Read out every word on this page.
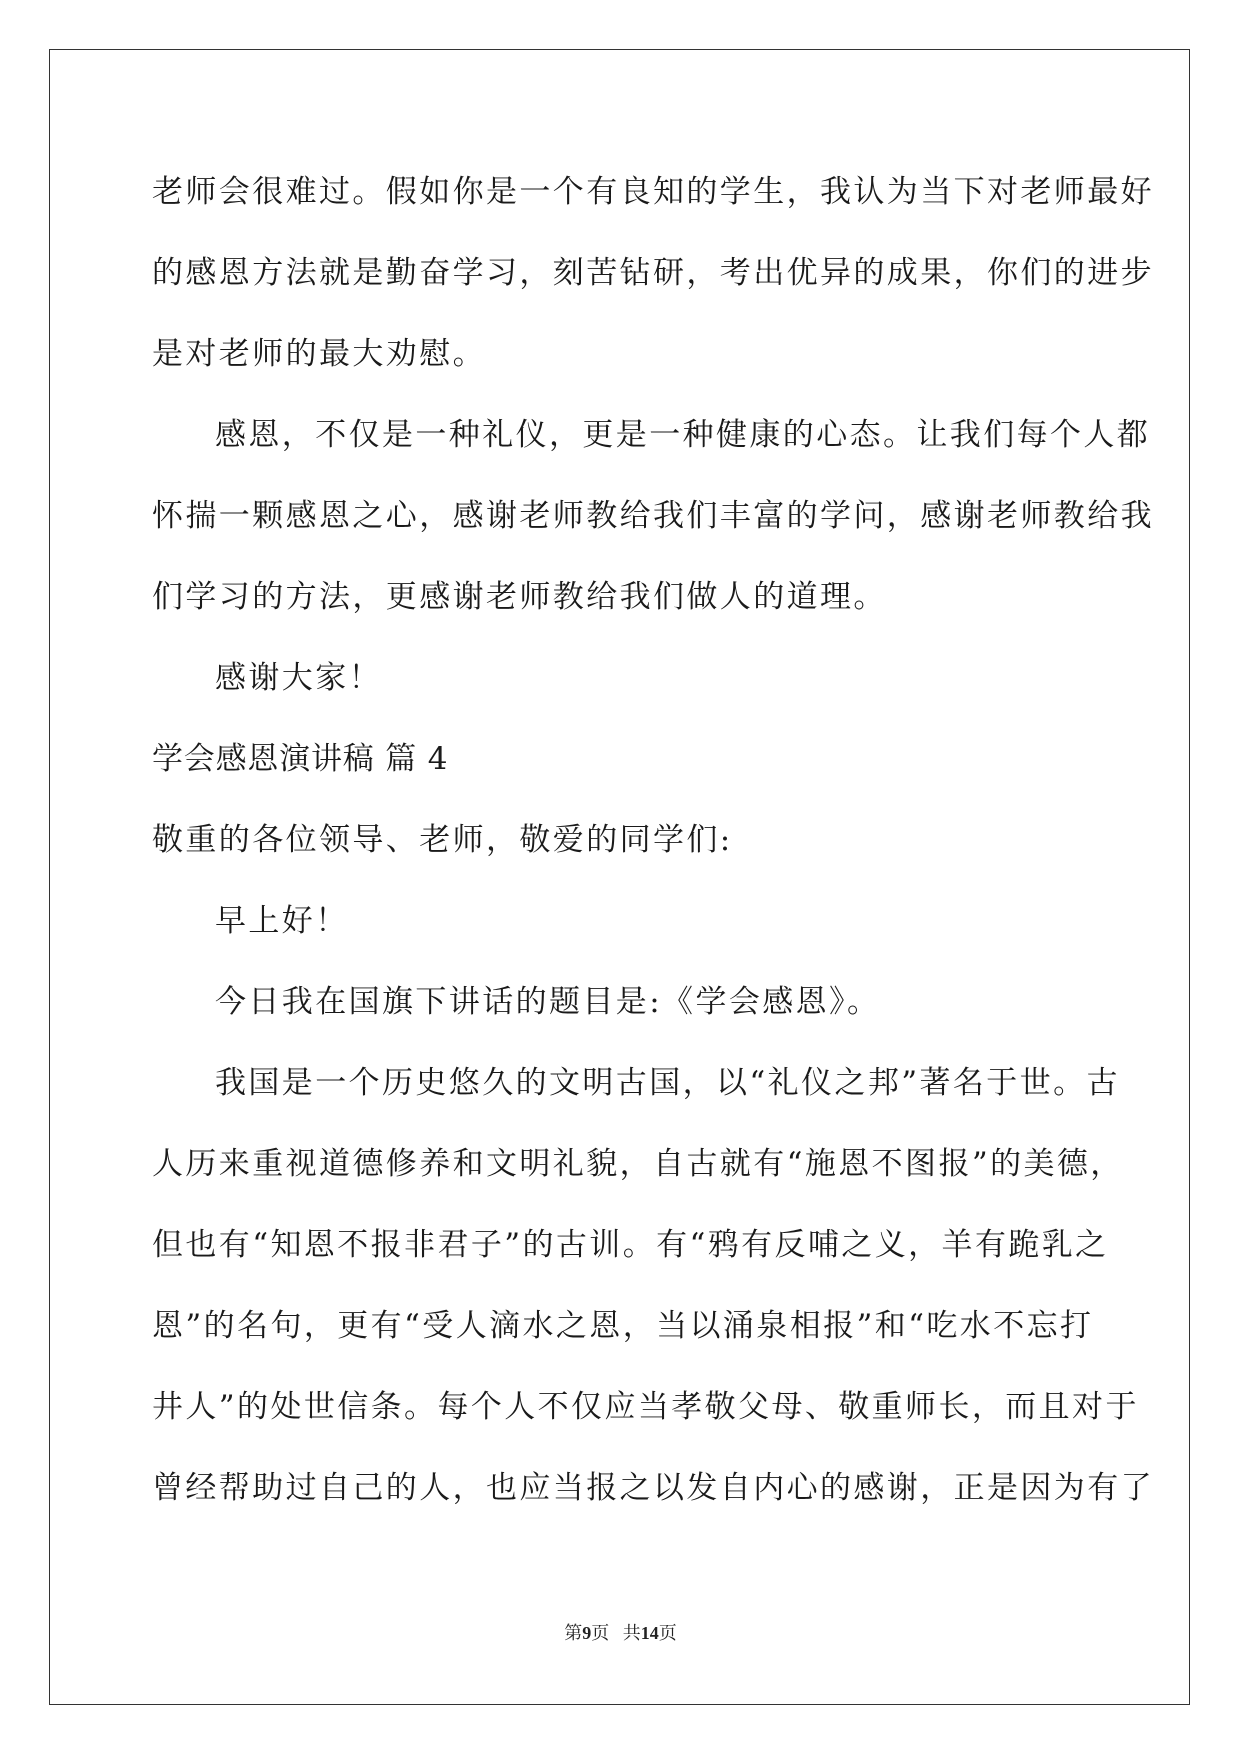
老师会很难过。假如你是一个有良知的学生，我认为当下对老师最好
的感恩方法就是勤奋学习，刻苦钻研，考出优异的成果，你们的进步
是对老师的最大劝慰。
感恩，不仅是一种礼仪，更是一种健康的心态。让我们每个人都
怀揣一颗感恩之心，感谢老师教给我们丰富的学问，感谢老师教给我
们学习的方法，更感谢老师教给我们做人的道理。
感谢大家！
学会感恩演讲稿 篇 4
敬重的各位领导、老师，敬爱的同学们:
早上好！
今日我在国旗下讲话的题目是:《学会感恩》。
我国是一个历史悠久的文明古国，以“礼仪之邦”著名于世。古
人历来重视道德修养和文明礼貌，自古就有“施恩不图报”的美德，
但也有“知恩不报非君子”的古训。有“鸦有反哺之义，羊有跪乳之
恩”的名句，更有“受人滴水之恩，当以涌泉相报”和“吃水不忘打
井人”的处世信条。每个人不仅应当孝敬父母、敬重师长，而且对于
曾经帮助过自己的人，也应当报之以发自内心的感谢，正是因为有了
第9页 共14页
